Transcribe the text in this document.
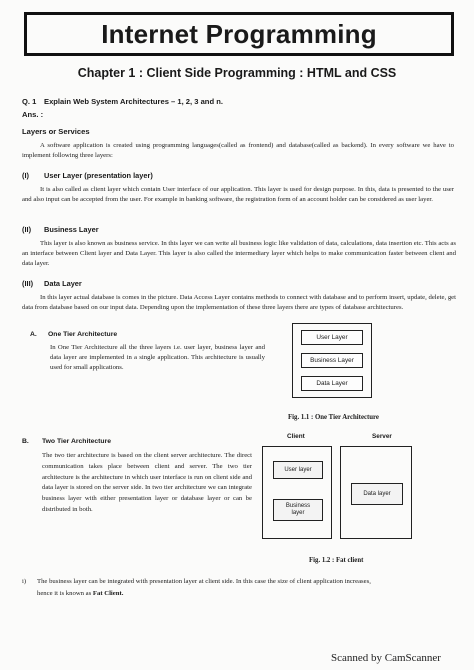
Internet Programming
Chapter 1 : Client Side Programming : HTML and CSS
Q. 1 Explain Web System Architectures – 1, 2, 3 and n.
Ans. :
Layers or Services
A software application is created using programming languages(called as frontend) and database(called as backend). In every software we have to implement following three layers:
(I) User Layer (presentation layer)
It is also called as client layer which contain User interface of our application. This layer is used for design purpose. In this, data is presented to the user and also input can be accepted from the user. For example in banking software, the registration form of an account holder can be considered as user layer.
(II) Business Layer
This layer is also known as business service. In this layer we can write all business logic like validation of data, calculations, data insertion etc. This acts as an interface between Client layer and Data Layer. This layer is also called the intermediary layer which helps to make communication faster between client and data layer.
(III) Data Layer
In this layer actual database is comes in the picture. Data Access Layer contains methods to connect with database and to perform insert, update, delete, get data from database based on our input data. Depending upon the implementation of these three layers there are types of database architectures.
A. One Tier Architecture
In One Tier Architecture all the three layers i.e. user layer, business layer and data layer are implemented in a single application. This architecture is usually used for small applications.
User Layer
Business Layer
Data Layer
Fig. 1.1 : One Tier Architecture
B. Two Tier Architecture
The two tier architecture is based on the client server architecture. The direct communication takes place between client and server. The two tier architecture is the architecture in which user interface is run on client side and data layer is stored on the server side. In two tier architecture we can integrate business layer with either presentation layer or database layer or can be distributed in both.
Client	Server
User layer
Business layer
Data layer
Fig. 1.2 : Fat client
i) The business layer can be integrated with presentation layer at client side. In this case the size of client application increases,
hence it is known as Fat Client.
Scanned by CamScanner
